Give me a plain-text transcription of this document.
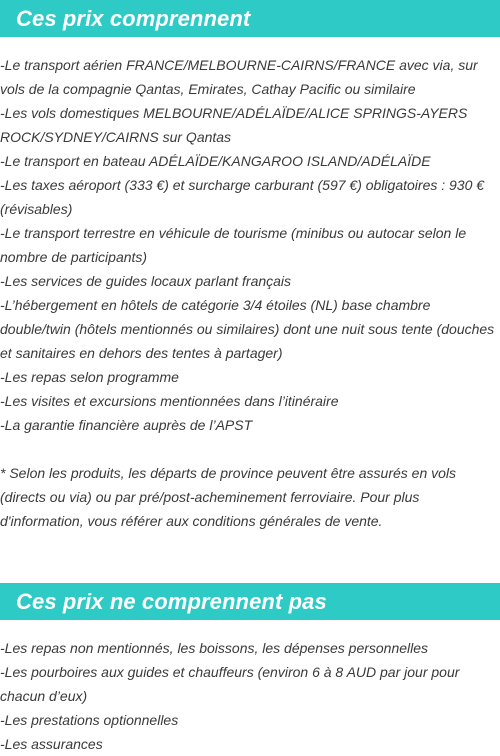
Ces prix comprennent

-Le transport aérien FRANCE/MELBOURNE-CAIRNS/FRANCE avec via, sur vols de la compagnie Qantas, Emirates, Cathay Pacific ou similaire

-Les vols domestiques MELBOURNE/ADÉLAÏDE/ALICE SPRINGS-AYERS ROCK/SYDNEY/CAIRNS sur Qantas

-Le transport en bateau ADÉLAÏDE/KANGAROO ISLAND/ADÉLAÏDE

-Les taxes aéroport (333 €) et surcharge carburant (597 €) obligatoires : 930 € (révisables)

-Le transport terrestre en véhicule de tourisme (minibus ou autocar selon le nombre de participants)

-Les services de guides locaux parlant français

-L’hébergement en hôtels de catégorie 3/4 étoiles (NL) base chambre double/twin (hôtels mentionnés ou similaires) dont une nuit sous tente (douches et sanitaires en dehors des tentes à partager)

-Les repas selon programme

-Les visites et excursions mentionnées dans l’itinéraire

-La garantie financière auprès de l’APST

* Selon les produits, les départs de province peuvent être assurés en vols (directs ou via) ou par pré/post-acheminement ferroviaire. Pour plus d'information, vous référer aux conditions générales de vente.

Ces prix ne comprennent pas

-Les repas non mentionnés, les boissons, les dépenses personnelles

-Les pourboires aux guides et chauffeurs (environ 6 à 8 AUD par jour pour chacun d’eux)

-Les prestations optionnelles

-Les assurances
